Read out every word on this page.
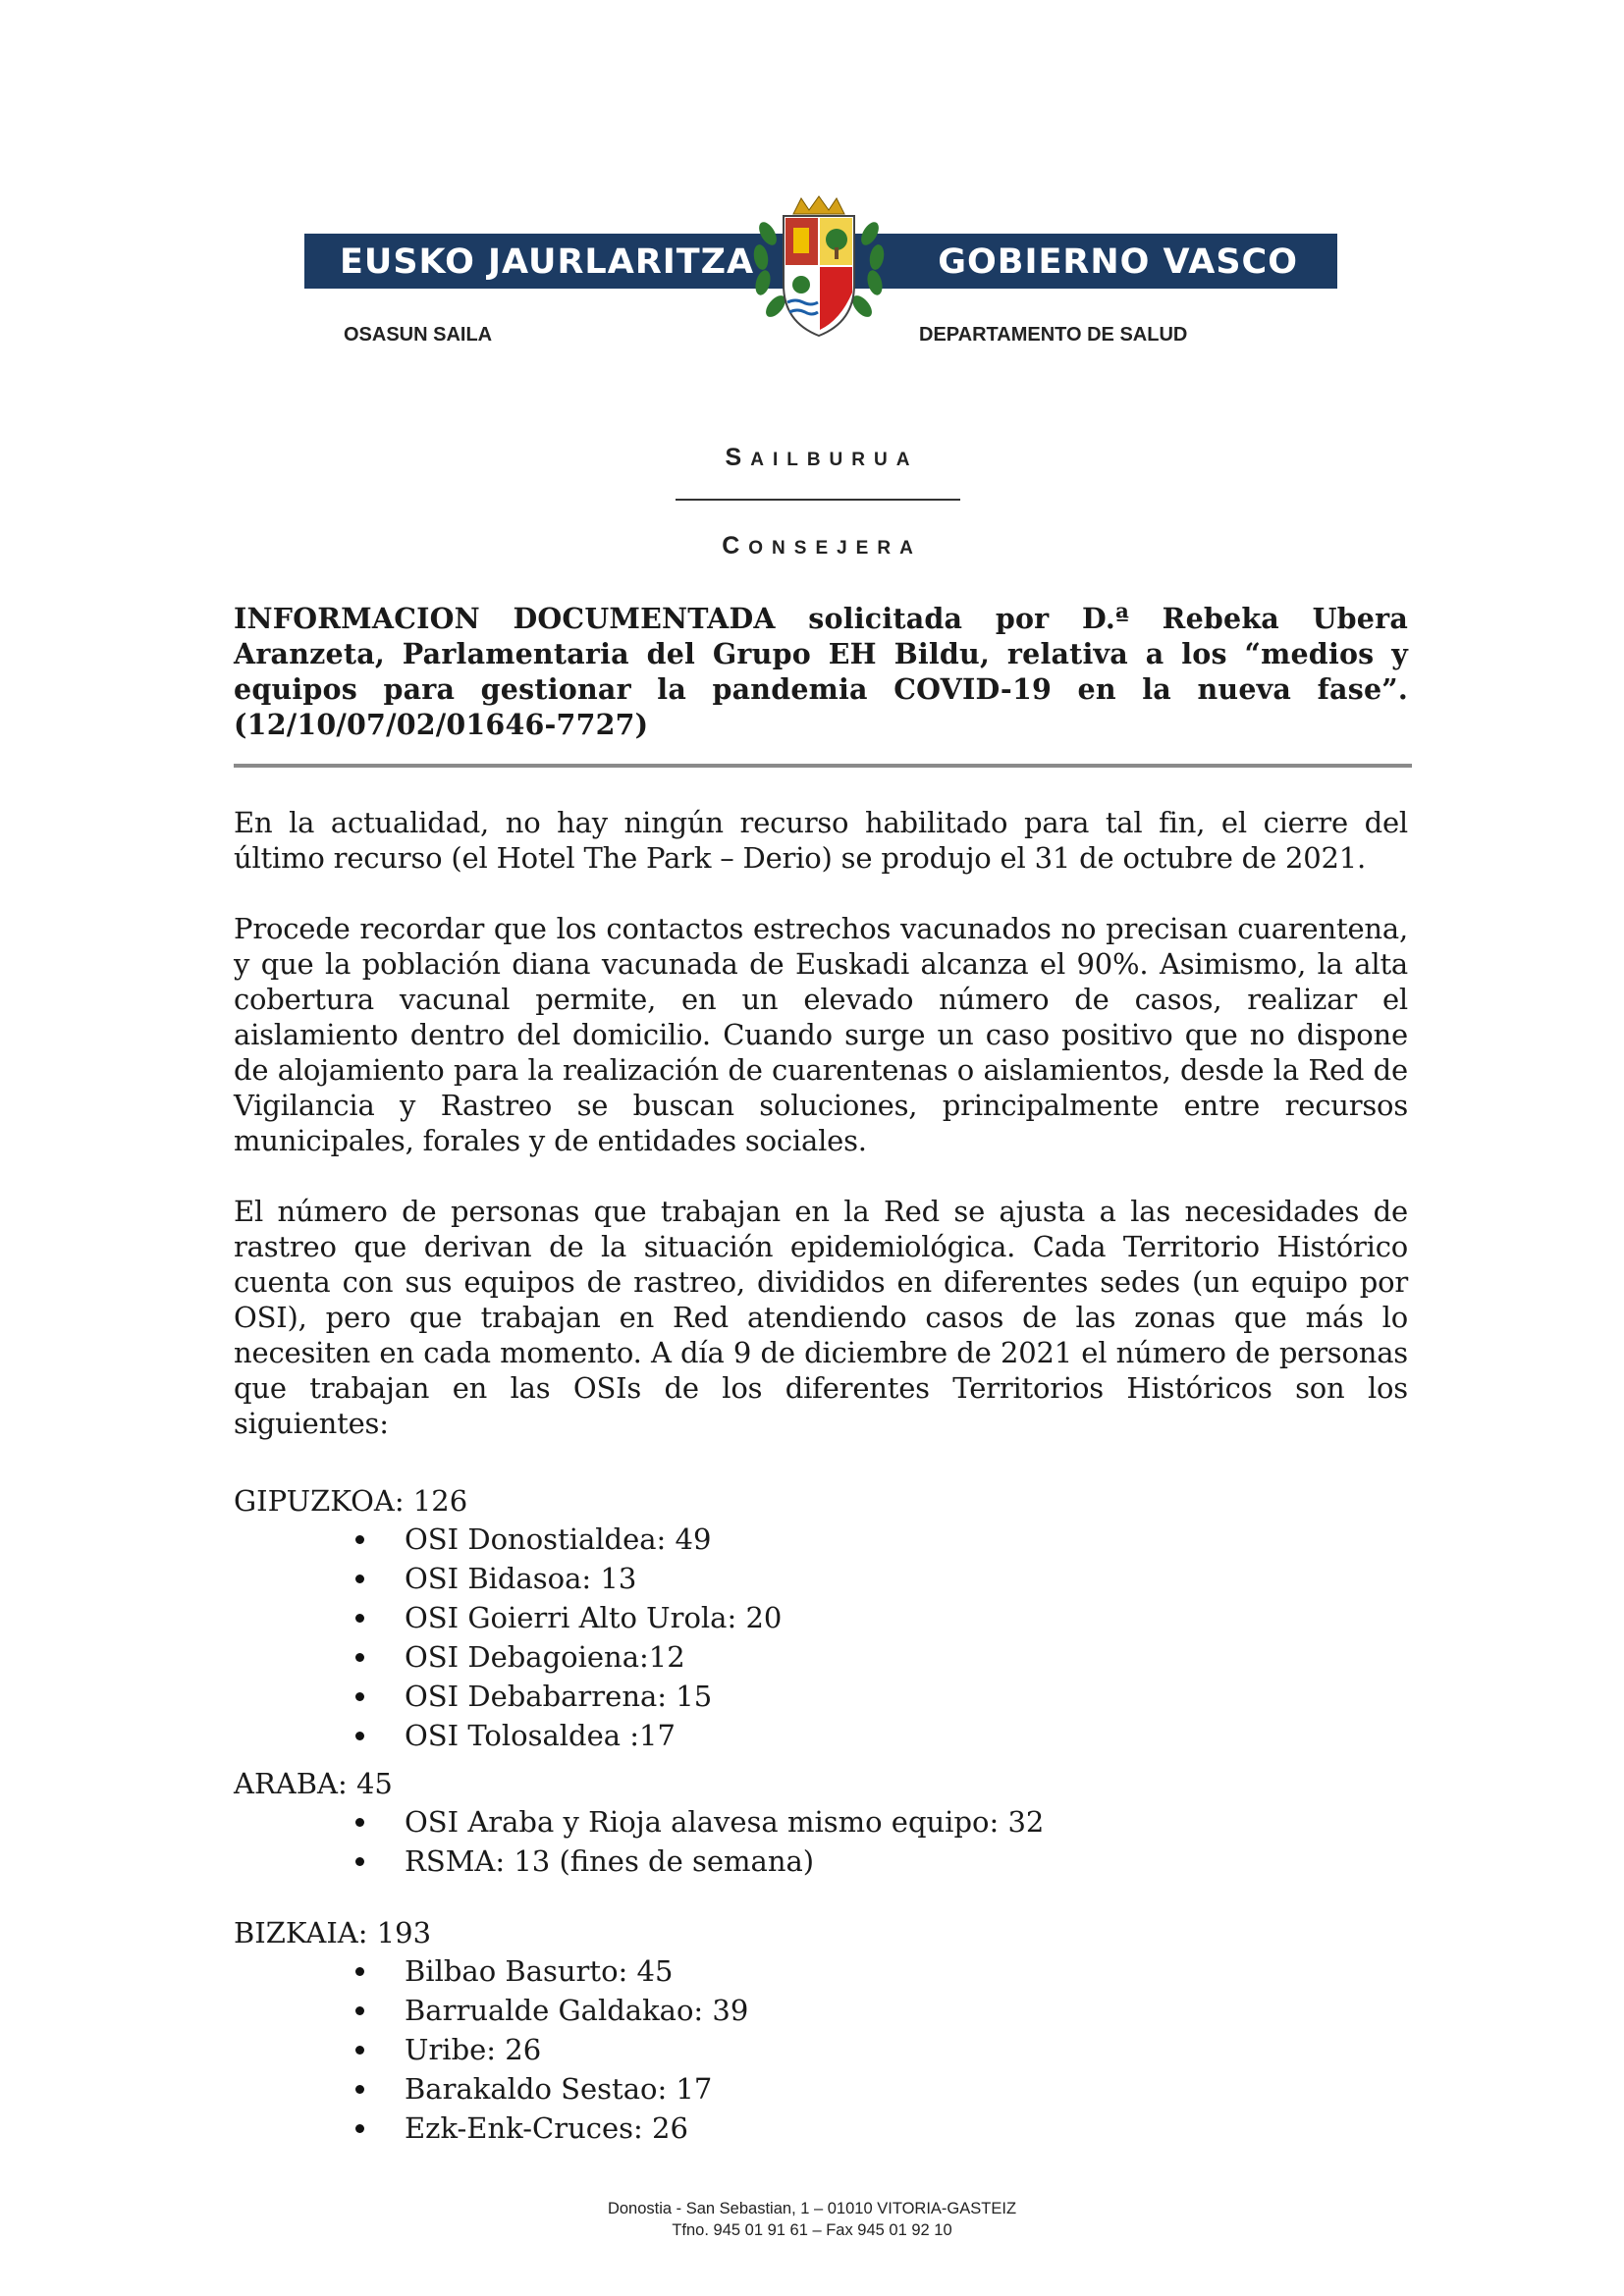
EUSKO JAURLARITZA	GOBIERNO VASCO
OSASUN SAILA	DEPARTAMENTO DE SALUD
SAILBURUA
CONSEJERA

INFORMACION DOCUMENTADA solicitada por D.ª Rebeka Ubera Aranzeta, Parlamentaria del Grupo EH Bildu, relativa a los “medios y equipos para gestionar la pandemia COVID-19 en la nueva fase”. (12/10/07/02/01646-7727)

En la actualidad, no hay ningún recurso habilitado para tal fin, el cierre del último recurso (el Hotel The Park – Derio) se produjo el 31 de octubre de 2021.

Procede recordar que los contactos estrechos vacunados no precisan cuarentena, y que la población diana vacunada de Euskadi alcanza el 90%. Asimismo, la alta cobertura vacunal permite, en un elevado número de casos, realizar el aislamiento dentro del domicilio. Cuando surge un caso positivo que no dispone de alojamiento para la realización de cuarentenas o aislamientos, desde la Red de Vigilancia y Rastreo se buscan soluciones, principalmente entre recursos municipales, forales y de entidades sociales.

El número de personas que trabajan en la Red se ajusta a las necesidades de rastreo que derivan de la situación epidemiológica. Cada Territorio Histórico cuenta con sus equipos de rastreo, divididos en diferentes sedes (un equipo por OSI), pero que trabajan en Red atendiendo casos de las zonas que más lo necesiten en cada momento. A día 9 de diciembre de 2021 el número de personas que trabajan en las OSIs de los diferentes Territorios Históricos son los siguientes:

GIPUZKOA: 126

OSI Donostialdea: 49
OSI Bidasoa: 13
OSI Goierri Alto Urola: 20
OSI Debagoiena:12
OSI Debabarrena: 15
OSI Tolosaldea :17

ARABA: 45

OSI Araba y Rioja alavesa mismo equipo: 32
RSMA: 13 (fines de semana)

BIZKAIA: 193

Bilbao Basurto: 45
Barrualde Galdakao: 39
Uribe: 26
Barakaldo Sestao: 17
Ezk-Enk-Cruces: 26
Donostia - San Sebastian, 1 – 01010 VITORIA-GASTEIZ
Tfno. 945 01 91 61 – Fax 945 01 92 10
